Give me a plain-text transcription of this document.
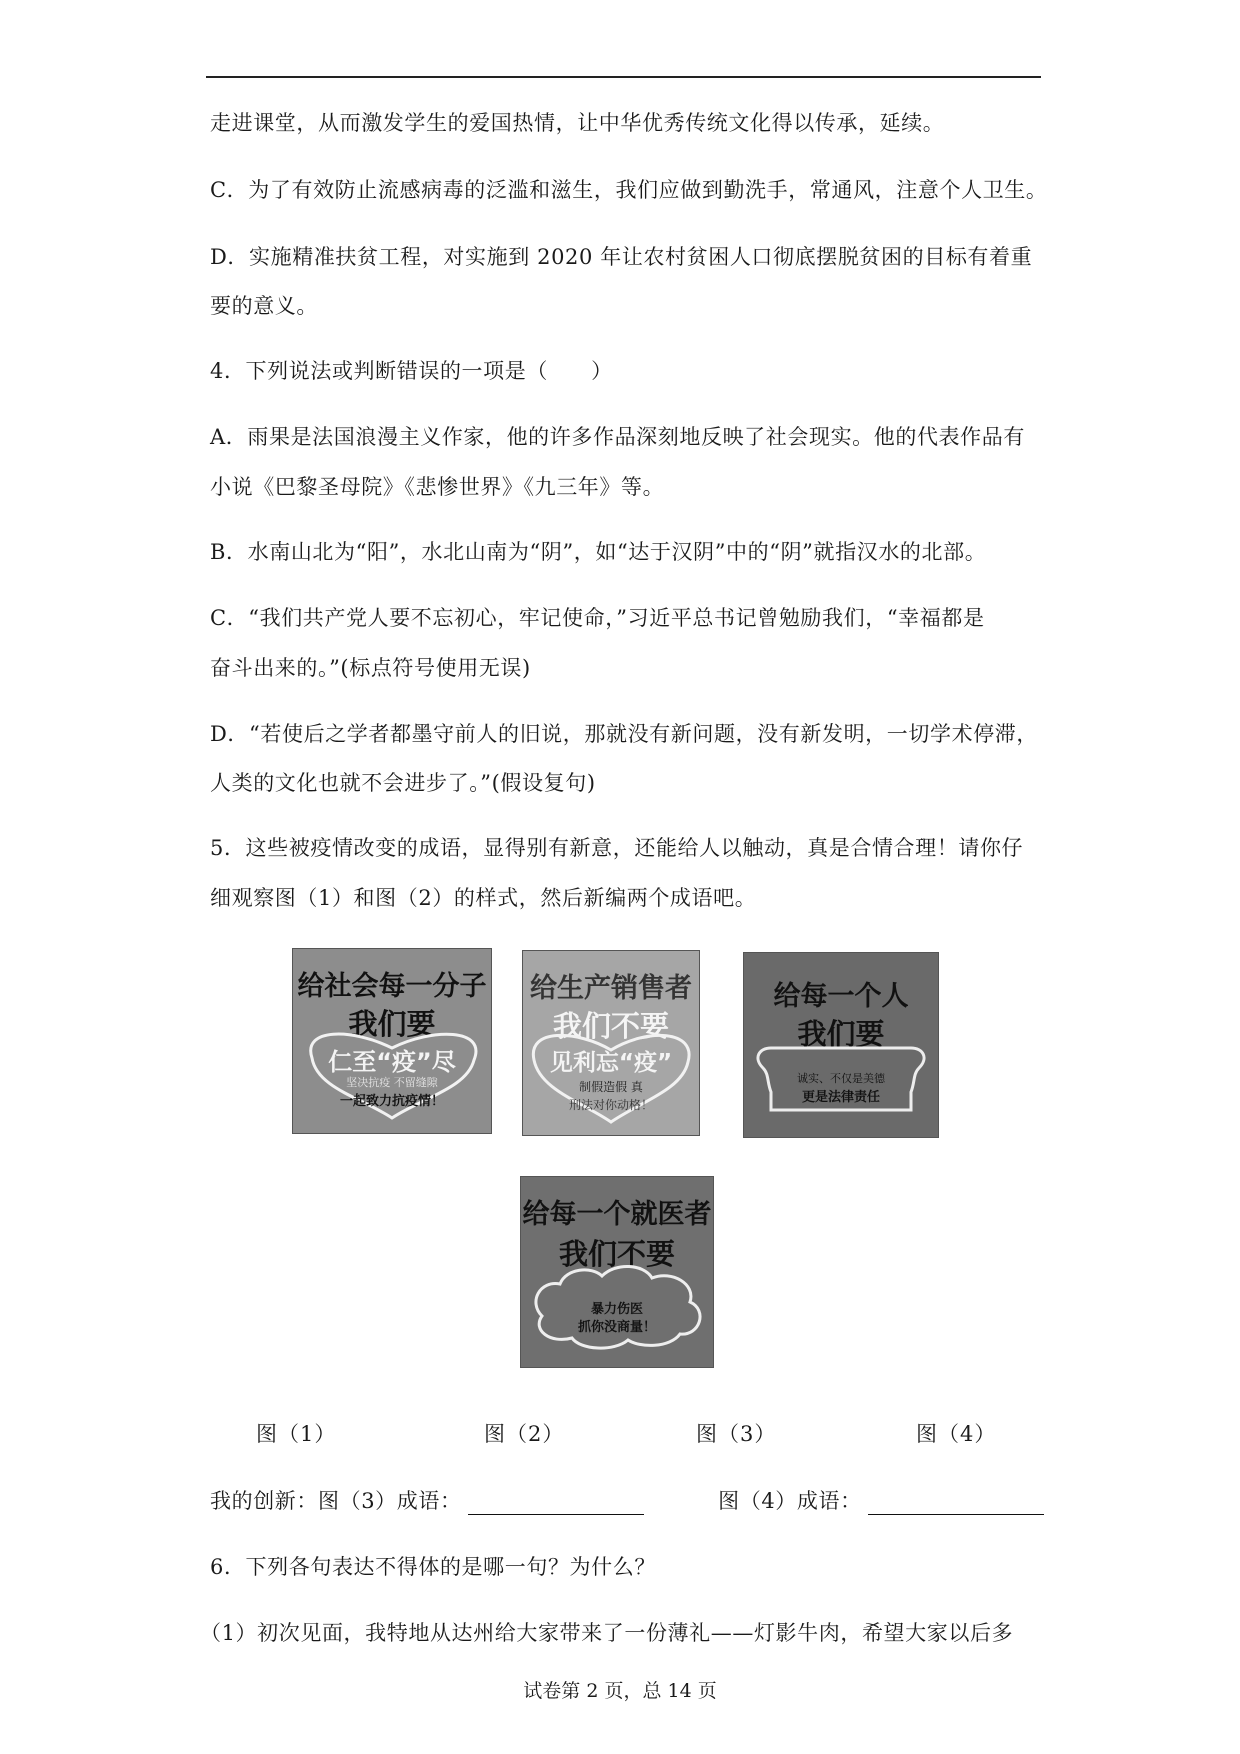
走进课堂，从而激发学生的爱国热情，让中华优秀传统文化得以传承，延续。
C．为了有效防止流感病毒的泛滥和滋生，我们应做到勤洗手，常通风，注意个人卫生。
D．实施精准扶贫工程，对实施到 2020 年让农村贫困人口彻底摆脱贫困的目标有着重
要的意义。
4．下列说法或判断错误的一项是（　　）
A．雨果是法国浪漫主义作家，他的许多作品深刻地反映了社会现实。他的代表作品有
小说《巴黎圣母院》《悲惨世界》《九三年》等。
B．水南山北为“阳”，水北山南为“阴”，如“达于汉阴”中的“阴”就指汉水的北部。
C．“我们共产党人要不忘初心，牢记使命，”习近平总书记曾勉励我们，“幸福都是
奋斗出来的。”(标点符号使用无误)
D．“若使后之学者都墨守前人的旧说，那就没有新问题，没有新发明，一切学术停滞，
人类的文化也就不会进步了。”(假设复句)
5．这些被疫情改变的成语，显得别有新意，还能给人以触动，真是合情合理！请你仔
细观察图（1）和图（2）的样式，然后新编两个成语吧。
给社会每一分子
我们要
仁至“疫”尽
坚决抗疫 不留缝隙
一起致力抗疫情！
给生产销售者
我们不要
见利忘“疫”
制假造假 真
刑法对你动格！
给每一个人
我们要
诚实、不仅是美德
更是法律责任
给每一个就医者
我们不要
暴力伤医
抓你没商量！
图（1）	图（2）	图（3）	图（4）
我的创新：图（3）成语：	图（4）成语：
6．下列各句表达不得体的是哪一句？为什么？
（1）初次见面，我特地从达州给大家带来了一份薄礼——灯影牛肉，希望大家以后多
试卷第 2 页，总 14 页
